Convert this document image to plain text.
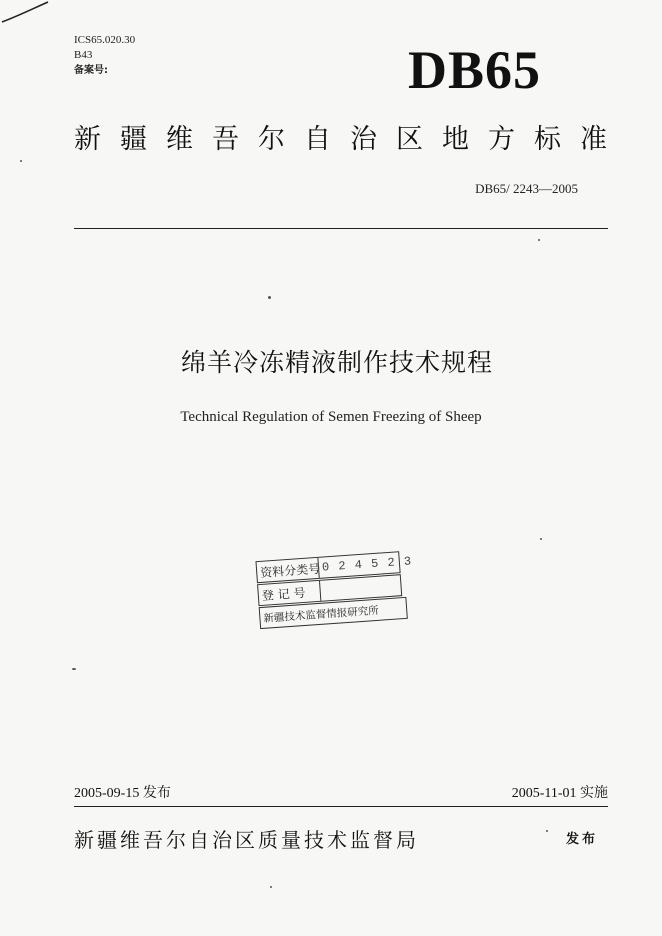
ICS65.020.30
B43
备案号:	DB65
新疆维吾尔自治区地方标准
DB65/ 2243—2005
绵羊冷冻精液制作技术规程
Technical Regulation of Semen Freezing of Sheep
资料分类号 0 2 4 5 2 3
登 记 号
新疆技术监督情报研究所
2005-09-15 发布	2005-11-01 实施
新疆维吾尔自治区质量技术监督局	发布
